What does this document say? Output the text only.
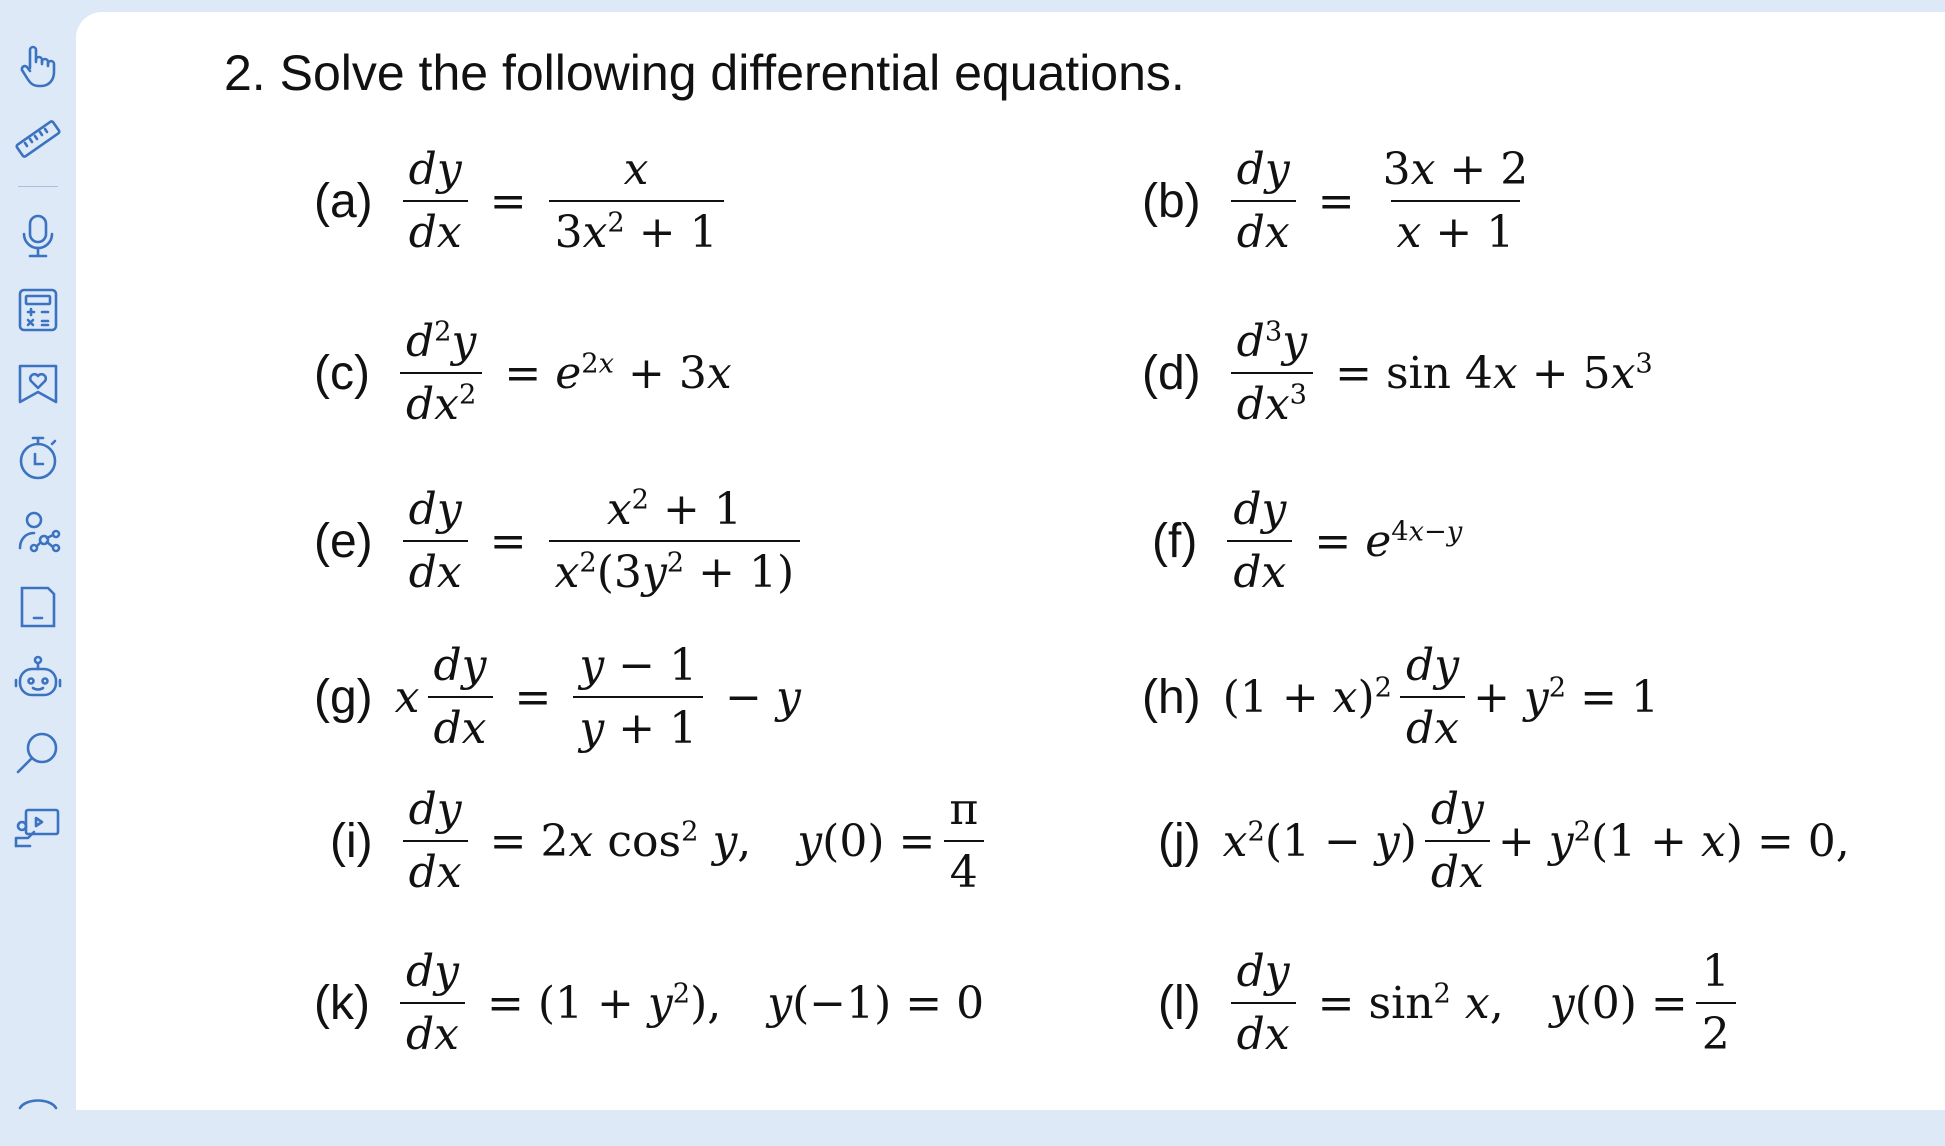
2. Solve the following differential equations.
$(a) \frac{dy}{dx} = \frac{x}{3x^2 + 1}$	$(b) \frac{dy}{dx} = \frac{3x + 2}{x + 1}$
$(c) \frac{d^2y}{dx^2} = e^{2x} + 3x$	$(d) \frac{d^3y}{dx^3} = \sin 4x + 5x^3$
$(e) \frac{dy}{dx} = \frac{x^2 + 1}{x^2(3y^2 + 1)}$	$(f) \frac{dy}{dx} = e^{4x-y}$
(g) x $\frac{dy}{dx} = \frac{y - 1}{y + 1} - y$	(h) $(1 + x)^2 \frac{dy}{dx} + y^2 = 1$
$(i) \frac{dy}{dx} = 2x$ $\cos^2 y$, $y(0) = \frac{\pi}{4}$	(j) $x^2(1 - y) \frac{dy}{dx} + y^2(1 + x) = 0$,
$(k) \frac{dy}{dx} = (1 + y^2)$, y(−1) = 0	$(l) \frac{dy}{dx} = \sin^2 x$, $y(0) = \frac{1}{2}$
